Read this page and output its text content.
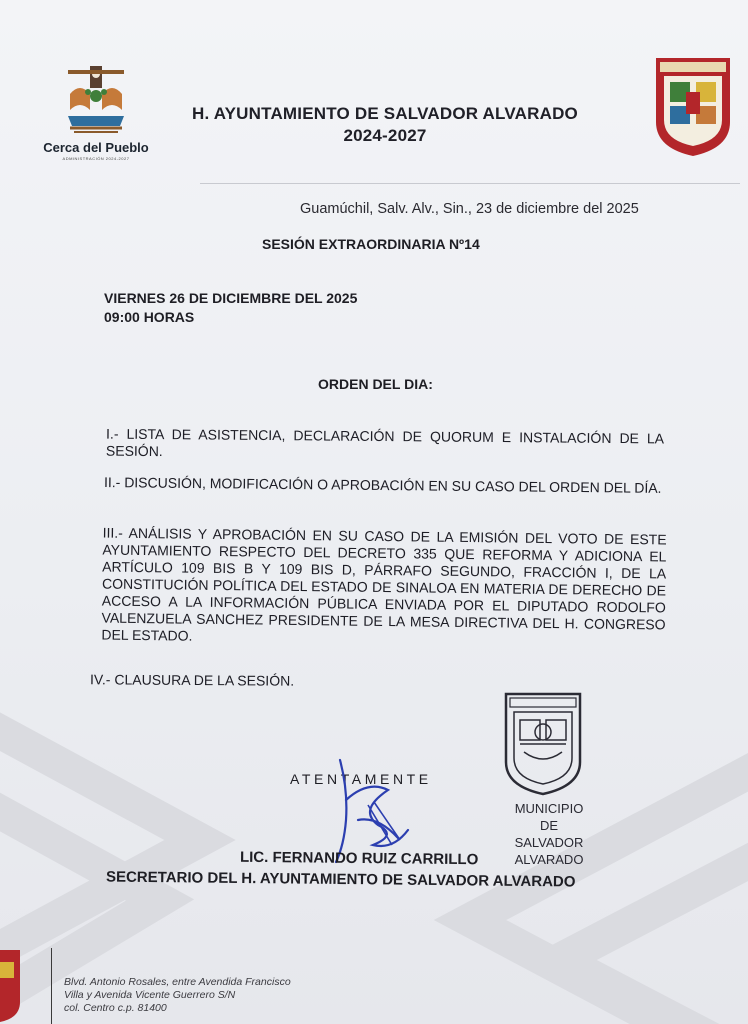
Cerca del Pueblo
ADMINISTRACIÓN 2024-2027
H. AYUNTAMIENTO DE SALVADOR ALVARADO
2024-2027
Guamúchil, Salv. Alv., Sin., 23 de diciembre del 2025
SESIÓN EXTRAORDINARIA Nº14
VIERNES 26 DE DICIEMBRE DEL 2025
09:00 HORAS
ORDEN DEL DIA:
I.- LISTA DE ASISTENCIA, DECLARACIÓN DE QUORUM E INSTALACIÓN DE LA SESIÓN.
II.- DISCUSIÓN, MODIFICACIÓN O APROBACIÓN EN SU CASO DEL ORDEN DEL DÍA.
III.- ANÁLISIS Y APROBACIÓN EN SU CASO DE LA EMISIÓN DEL VOTO DE ESTE AYUNTAMIENTO RESPECTO DEL DECRETO 335 QUE REFORMA Y ADICIONA EL ARTÍCULO 109 BIS B Y 109 BIS D, PÁRRAFO SEGUNDO, FRACCIÓN I, DE LA CONSTITUCIÓN POLÍTICA DEL ESTADO DE SINALOA EN MATERIA DE DERECHO DE ACCESO A LA INFORMACIÓN PÚBLICA ENVIADA POR EL DIPUTADO RODOLFO VALENZUELA SANCHEZ PRESIDENTE DE LA MESA DIRECTIVA DEL H. CONGRESO DEL ESTADO.
IV.- CLAUSURA DE LA SESIÓN.
MUNICIPIO
DE
SALVADOR
ALVARADO
ATENTAMENTE
LIC. FERNANDO RUIZ CARRILLO
SECRETARIO DEL H. AYUNTAMIENTO DE SALVADOR ALVARADO
Blvd. Antonio Rosales, entre Avendida Francisco
Villa y Avenida Vicente Guerrero S/N
col. Centro c.p. 81400
